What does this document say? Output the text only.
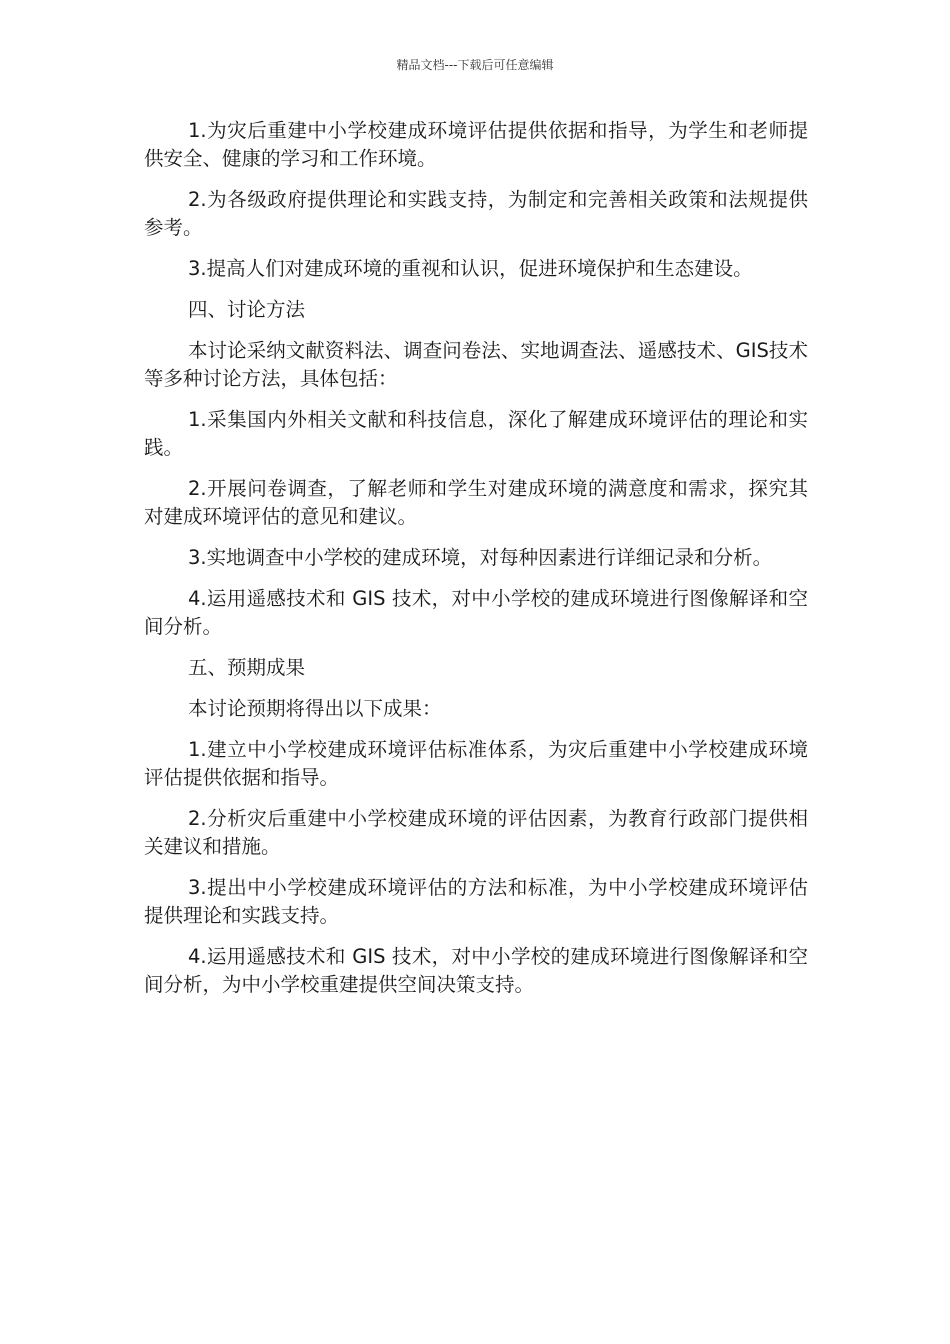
精品文档---下载后可任意编辑

1.为灾后重建中小学校建成环境评估提供依据和指导，为学生和老师提供安全、健康的学习和工作环境。

2.为各级政府提供理论和实践支持，为制定和完善相关政策和法规提供参考。

3.提高人们对建成环境的重视和认识，促进环境保护和生态建设。

四、讨论方法

本讨论采纳文献资料法、调查问卷法、实地调查法、遥感技术、GIS技术等多种讨论方法，具体包括：

1.采集国内外相关文献和科技信息，深化了解建成环境评估的理论和实践。

2.开展问卷调查，了解老师和学生对建成环境的满意度和需求，探究其对建成环境评估的意见和建议。

3.实地调查中小学校的建成环境，对每种因素进行详细记录和分析。

4.运用遥感技术和 GIS 技术，对中小学校的建成环境进行图像解译和空间分析。

五、预期成果

本讨论预期将得出以下成果：

1.建立中小学校建成环境评估标准体系，为灾后重建中小学校建成环境评估提供依据和指导。

2.分析灾后重建中小学校建成环境的评估因素，为教育行政部门提供相关建议和措施。

3.提出中小学校建成环境评估的方法和标准，为中小学校建成环境评估提供理论和实践支持。

4.运用遥感技术和 GIS 技术，对中小学校的建成环境进行图像解译和空间分析，为中小学校重建提供空间决策支持。
